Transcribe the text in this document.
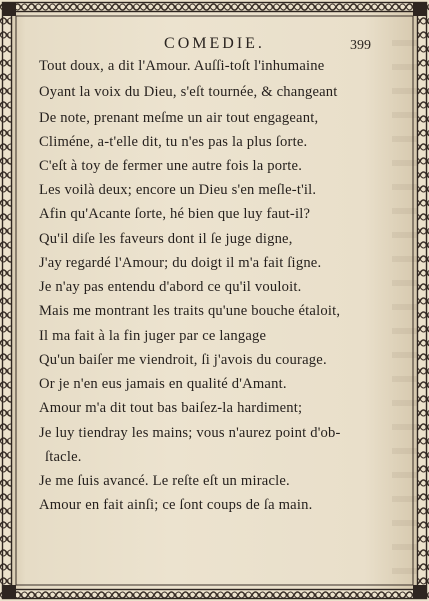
COMEDIE.	399
Tout doux, a dit l'Amour. Auſſi-toſt l'inhumaine
Oyant la voix du Dieu, s'eſt tournée, & changeant
De note, prenant meſme un air tout engageant,
Climéne, a-t'elle dit, tu n'es pas la plus ſorte.
C'eſt à toy de fermer une autre fois la porte.
Les voilà deux; encore un Dieu s'en meſle-t'il.
Afin qu'Acante ſorte, hé bien que luy faut-il?
Qu'il diſe les faveurs dont il ſe juge digne,
J'ay regardé l'Amour; du doigt il m'a fait ſigne.
Je n'ay pas entendu d'abord ce qu'il vouloit.
Mais me montrant les traits qu'une bouche étaloit,
Il ma fait à la fin juger par ce langage
Qu'un baiſer me viendroit, ſi j'avois du courage.
Or je n'en eus jamais en qualité d'Amant.
Amour m'a dit tout bas baiſez-la hardiment;
Je luy tiendray les mains; vous n'aurez point d'ob-
ſtacle.
Je me ſuis avancé. Le reſte eſt un miracle.
Amour en fait ainſi; ce ſont coups de ſa main.
